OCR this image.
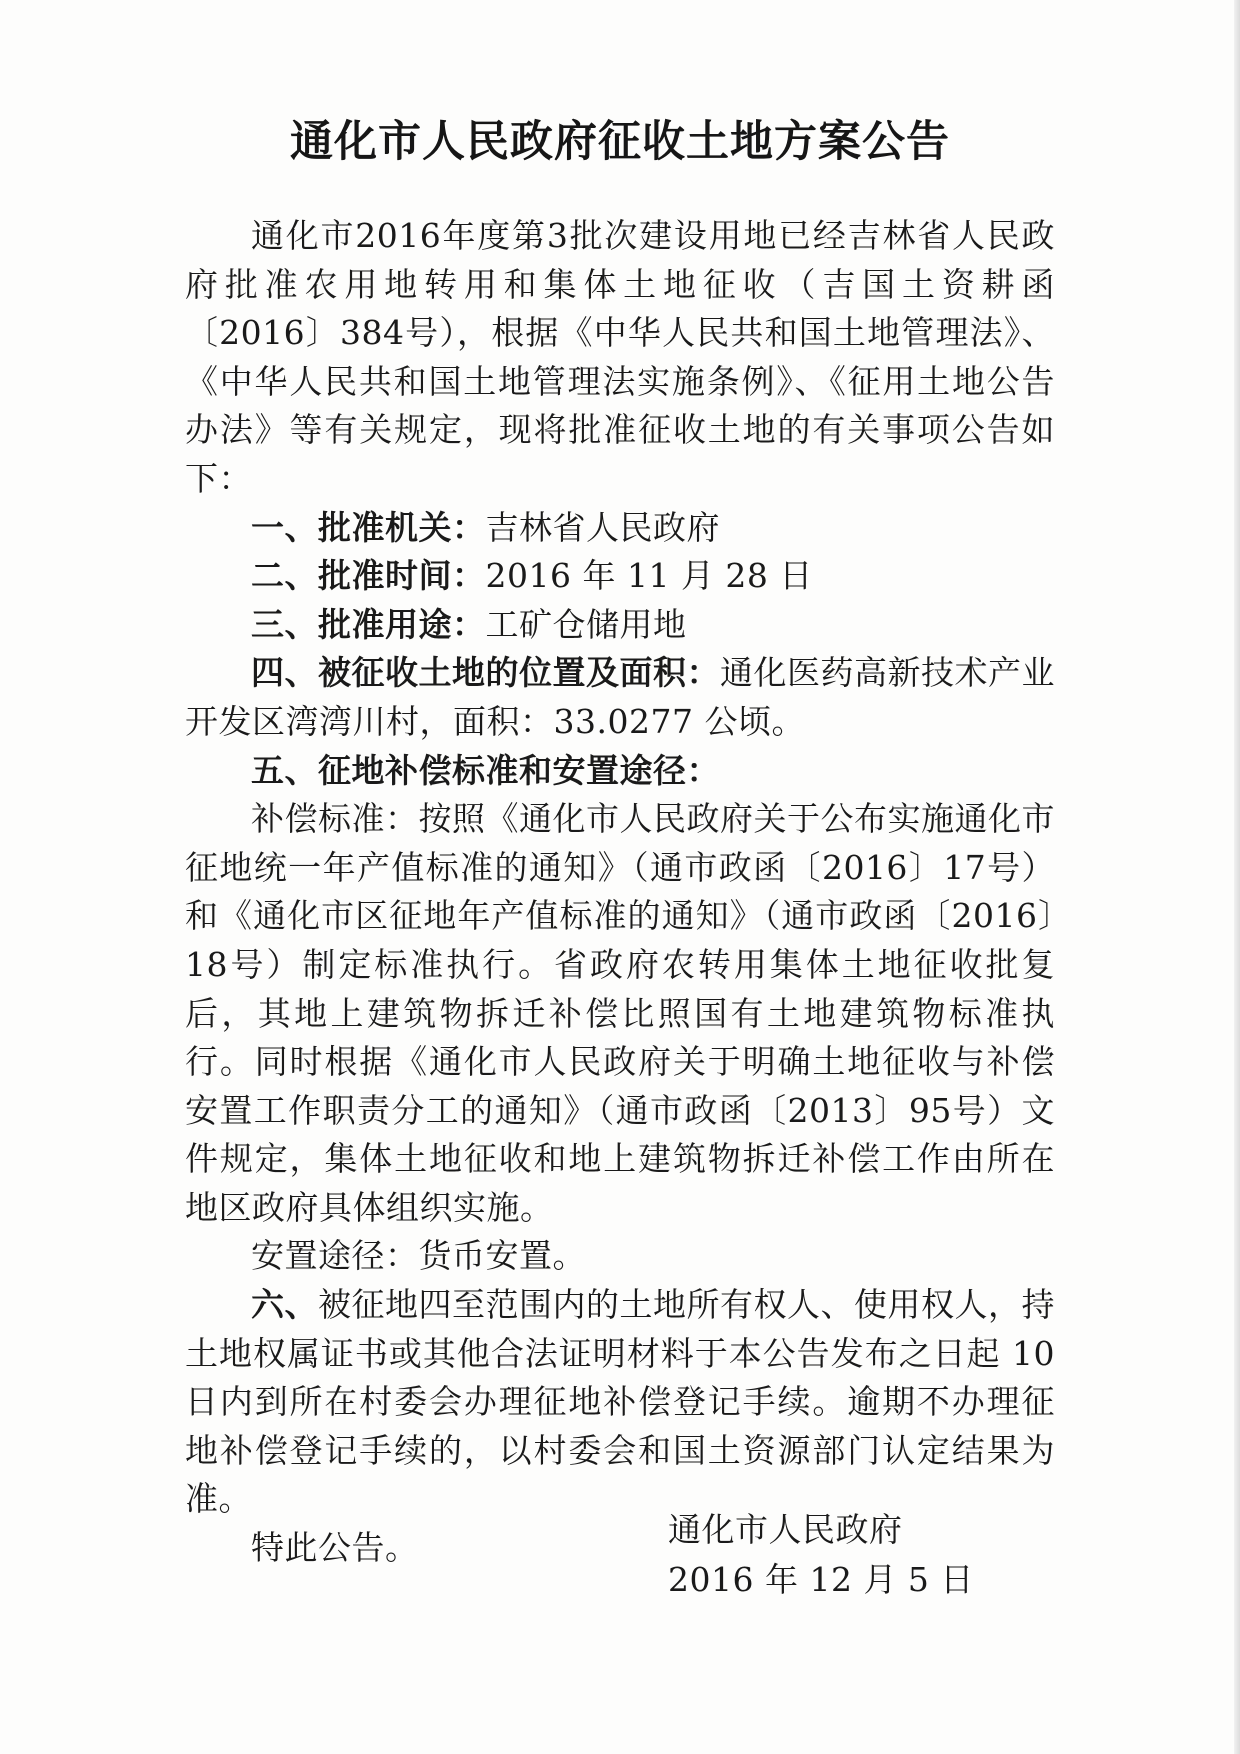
通化市人民政府征收土地方案公告

通化市2016年度第3批次建设用地已经吉林省人民政府批准农用地转用和集体土地征收（吉国土资耕函〔2016〕384号），根据《中华人民共和国土地管理法》、《中华人民共和国土地管理法实施条例》、《征用土地公告办法》等有关规定，现将批准征收土地的有关事项公告如下：

一、批准机关：吉林省人民政府

二、批准时间：2016 年 11 月 28 日

三、批准用途：工矿仓储用地

四、被征收土地的位置及面积：通化医药高新技术产业开发区湾湾川村，面积：33.0277 公顷。

五、征地补偿标准和安置途径：

补偿标准：按照《通化市人民政府关于公布实施通化市征地统一年产值标准的通知》（通市政函〔2016〕17号）和《通化市区征地年产值标准的通知》（通市政函〔2016〕18号）制定标准执行。省政府农转用集体土地征收批复后，其地上建筑物拆迁补偿比照国有土地建筑物标准执行。同时根据《通化市人民政府关于明确土地征收与补偿安置工作职责分工的通知》（通市政函〔2013〕95号）文件规定，集体土地征收和地上建筑物拆迁补偿工作由所在地区政府具体组织实施。

安置途径：货币安置。

六、被征地四至范围内的土地所有权人、使用权人，持土地权属证书或其他合法证明材料于本公告发布之日起 10 日内到所在村委会办理征地补偿登记手续。逾期不办理征地补偿登记手续的，以村委会和国土资源部门认定结果为准。

特此公告。	通化市人民政府
2016 年 12 月 5 日
